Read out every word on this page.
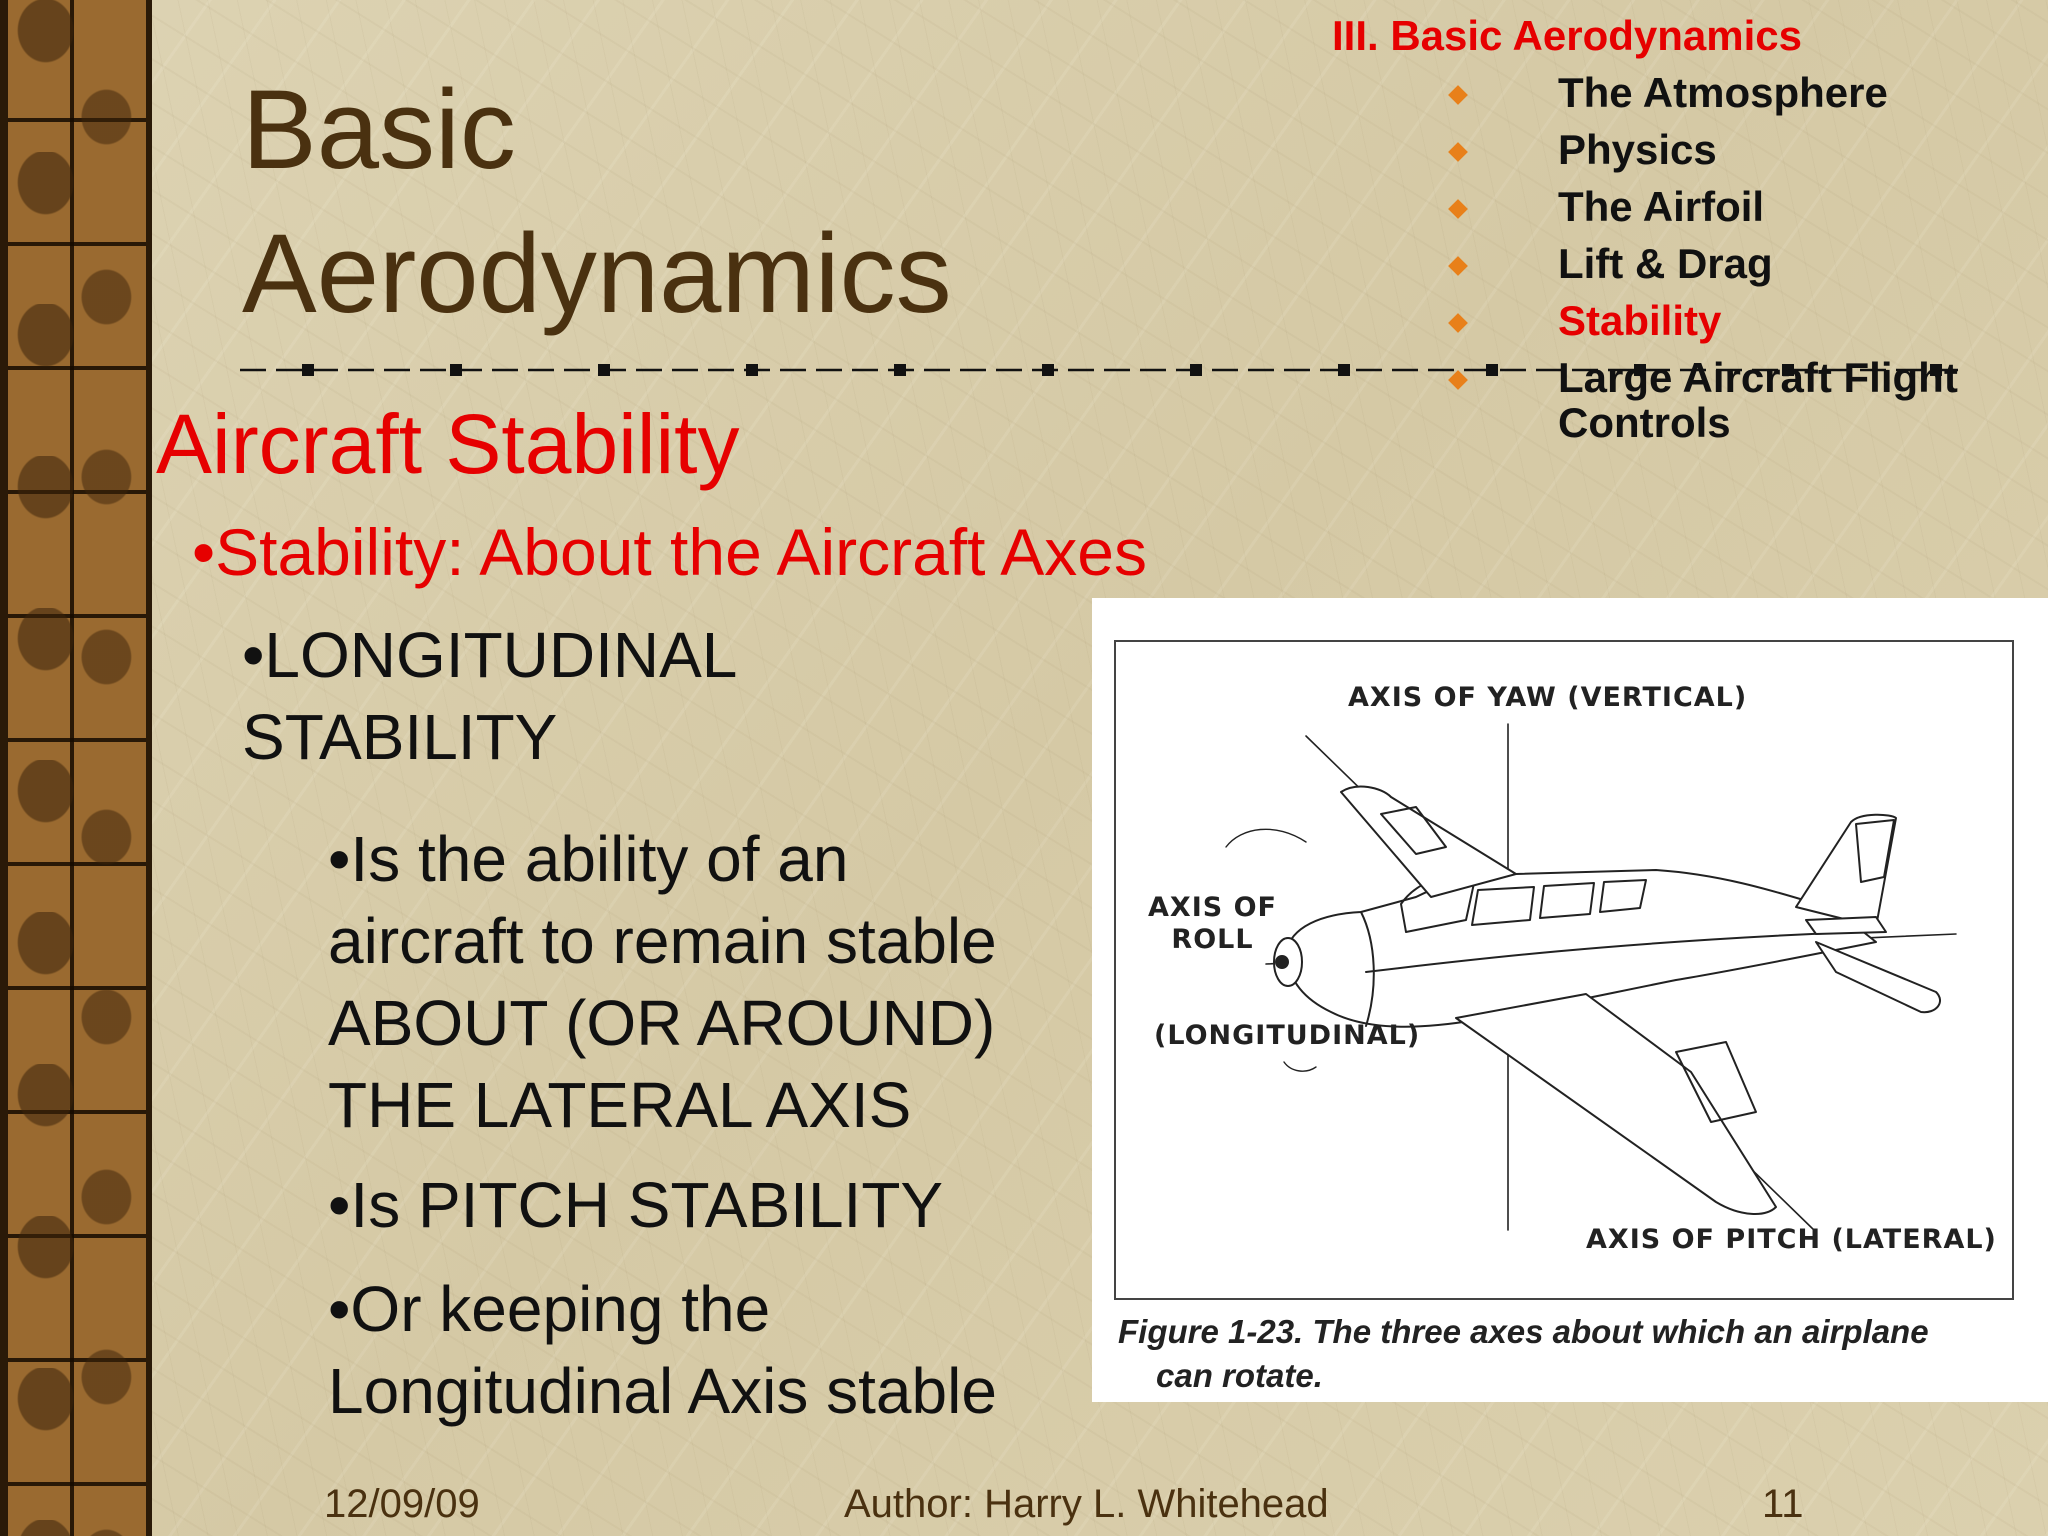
Basic
Aerodynamics

III. Basic Aerodynamics

The Atmosphere
Physics
The Airfoil
Lift & Drag
Stability
Large Aircraft Flight
Controls
Aircraft Stability

•Stability: About the Aircraft Axes

•LONGITUDINAL
STABILITY

•Is the ability of an
aircraft to remain stable
ABOUT (OR AROUND)
THE LATERAL AXIS
•Is PITCH STABILITY
•Or keeping the
Longitudinal Axis stable
AXIS OF YAW (VERTICAL)
AXIS OF
ROLL
(LONGITUDINAL)
AXIS OF PITCH (LATERAL)
Figure 1-23. The three axes about which an airplane
can rotate.
12/09/09	Author: Harry L. Whitehead	11
